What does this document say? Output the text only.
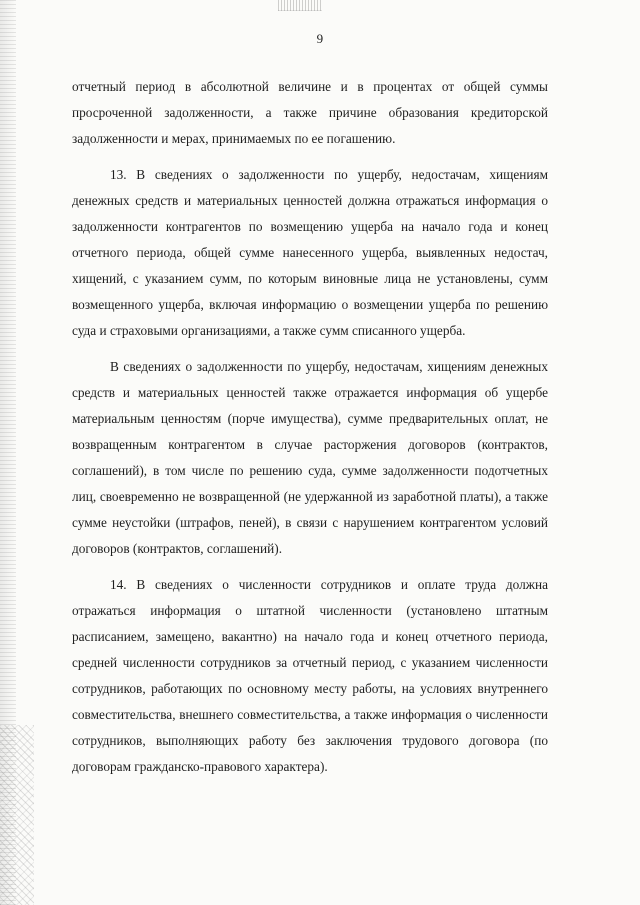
9

отчетный период в абсолютной величине и в процентах от общей суммы просроченной задолженности, а также причине образования кредиторской задолженности и мерах, принимаемых по ее погашению.

13. В сведениях о задолженности по ущербу, недостачам, хищениям денежных средств и материальных ценностей должна отражаться информация о задолженности контрагентов по возмещению ущерба на начало года и конец отчетного периода, общей сумме нанесенного ущерба, выявленных недостач, хищений, с указанием сумм, по которым виновные лица не установлены, сумм возмещенного ущерба, включая информацию о возмещении ущерба по решению суда и страховыми организациями, а также сумм списанного ущерба.

В сведениях о задолженности по ущербу, недостачам, хищениям денежных средств и материальных ценностей также отражается информация об ущербе материальным ценностям (порче имущества), сумме предварительных оплат, не возвращенным контрагентом в случае расторжения договоров (контрактов, соглашений), в том числе по решению суда, сумме задолженности подотчетных лиц, своевременно не возвращенной (не удержанной из заработной платы), а также сумме неустойки (штрафов, пеней), в связи с нарушением контрагентом условий договоров (контрактов, соглашений).

14. В сведениях о численности сотрудников и оплате труда должна отражаться информация о штатной численности (установлено штатным расписанием, замещено, вакантно) на начало года и конец отчетного периода, средней численности сотрудников за отчетный период, с указанием численности сотрудников, работающих по основному месту работы, на условиях внутреннего совместительства, внешнего совместительства, а также информация о численности сотрудников, выполняющих работу без заключения трудового договора (по договорам гражданско-правового характера).
